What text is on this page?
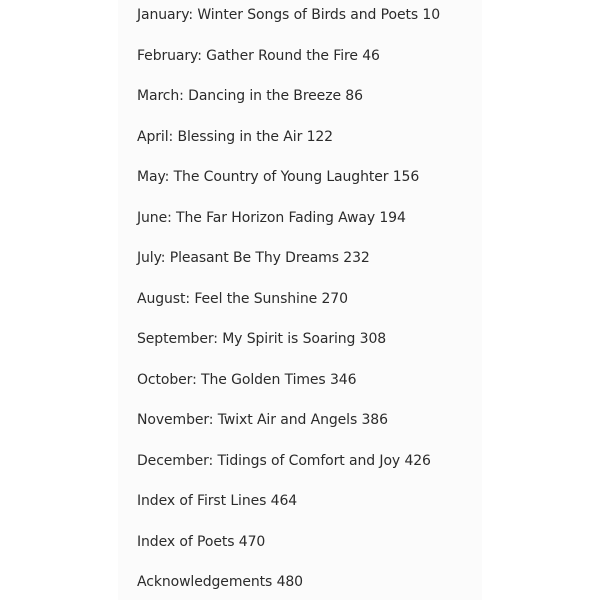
January: Winter Songs of Birds and Poets 10
February: Gather Round the Fire 46
March: Dancing in the Breeze 86
April: Blessing in the Air 122
May: The Country of Young Laughter 156
June: The Far Horizon Fading Away 194
July: Pleasant Be Thy Dreams 232
August: Feel the Sunshine 270
September: My Spirit is Soaring 308
October: The Golden Times 346
November: Twixt Air and Angels 386
December: Tidings of Comfort and Joy 426
Index of First Lines 464
Index of Poets 470
Acknowledgements 480
